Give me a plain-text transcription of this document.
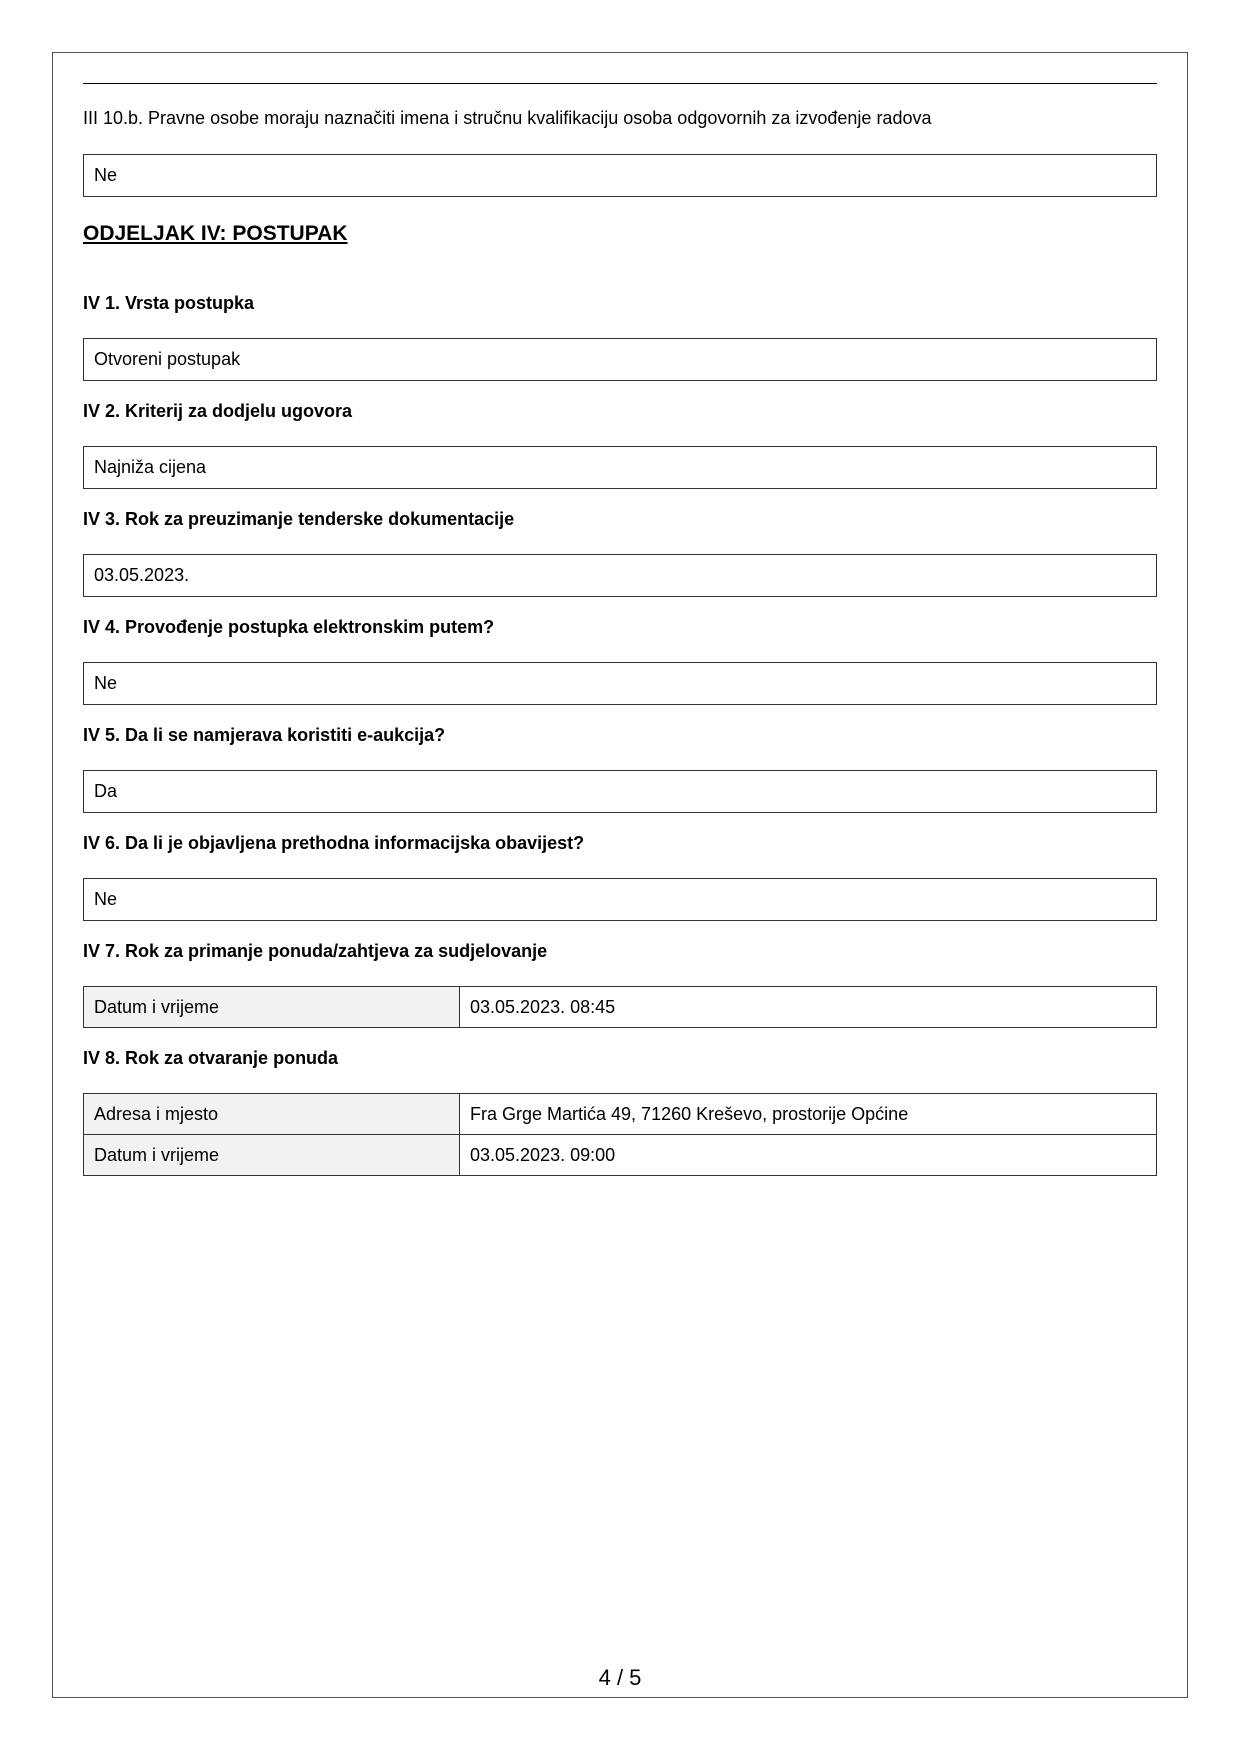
III 10.b. Pravne osobe moraju naznačiti imena i stručnu kvalifikaciju osoba odgovornih za izvođenje radova

Ne
ODJELJAK IV: POSTUPAK
IV 1. Vrsta postupka
Otvoreni postupak
IV 2. Kriterij za dodjelu ugovora
Najniža cijena
IV 3. Rok za preuzimanje tenderske dokumentacije
03.05.2023.
IV 4. Provođenje postupka elektronskim putem?
Ne
IV 5. Da li se namjerava koristiti e-aukcija?
Da
IV 6. Da li je objavljena prethodna informacijska obavijest?
Ne
IV 7. Rok za primanje ponuda/zahtjeva za sudjelovanje
Datum i vrijeme	03.05.2023. 08:45
IV 8. Rok za otvaranje ponuda
Adresa i mjesto	Fra Grge Martića 49, 71260 Kreševo, prostorije Općine
Datum i vrijeme	03.05.2023. 09:00
4 / 5
